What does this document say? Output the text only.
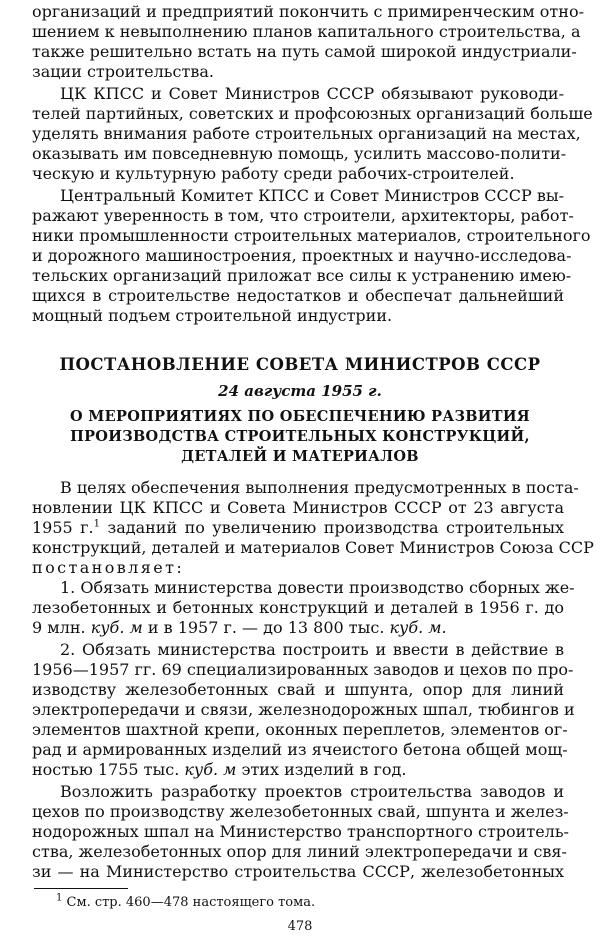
организаций и предприятий покончить с примиренческим отно-
шением к невыполнению планов капитального строительства, а
также решительно встать на путь самой широкой индустриали-
зации строительства.
ЦК КПСС и Совет Министров СССР обязывают руководи-
телей партийных, советских и профсоюзных организаций больше
уделять внимания работе строительных организаций на местах,
оказывать им повседневную помощь, усилить массово-полити-
ческую и культурную работу среди рабочих-строителей.
Центральный Комитет КПСС и Совет Министров СССР вы-
ражают уверенность в том, что строители, архитекторы, работ-
ники промышленности строительных материалов, строительного
и дорожного машиностроения, проектных и научно-исследова-
тельских организаций приложат все силы к устранению имею-
щихся в строительстве недостатков и обеспечат дальнейший
мощный подъем строительной индустрии.
ПОСТАНОВЛЕНИЕ СОВЕТА МИНИСТРОВ СССР
24 августа 1955 г.
О МЕРОПРИЯТИЯХ ПО ОБЕСПЕЧЕНИЮ РАЗВИТИЯ
ПРОИЗВОДСТВА СТРОИТЕЛЬНЫХ КОНСТРУКЦИЙ,
ДЕТАЛЕЙ И МАТЕРИАЛОВ
В целях обеспечения выполнения предусмотренных в поста-
новлении ЦК КПСС и Совета Министров СССР от 23 августа
1955 г.$^1$ заданий по увеличению производства строительных
конструкций, деталей и материалов Совет Министров Союза ССР
постановляет:
1. Обязать министерства довести производство сборных же-
лезобетонных и бетонных конструкций и деталей в 1956 г. до
9 млн. куб. м и в 1957 г. — до 13 800 тыс. куб. м.
2. Обязать министерства построить и ввести в действие в
1956—1957 гг. 69 специализированных заводов и цехов по про-
изводству железобетонных свай и шпунта, опор для линий
электропередачи и связи, железнодорожных шпал, тюбингов и
элементов шахтной крепи, оконных переплетов, элементов ог-
рад и армированных изделий из ячеистого бетона общей мощ-
ностью 1755 тыс. куб. м этих изделий в год.
Возложить разработку проектов строительства заводов и
цехов по производству железобетонных свай, шпунта и желез-
нодорожных шпал на Министерство транспортного строитель-
ства, железобетонных опор для линий электропередачи и свя-
зи — на Министерство строительства СССР, железобетонных
$^1$ См. стр. 460—478 настоящего тома.
478
